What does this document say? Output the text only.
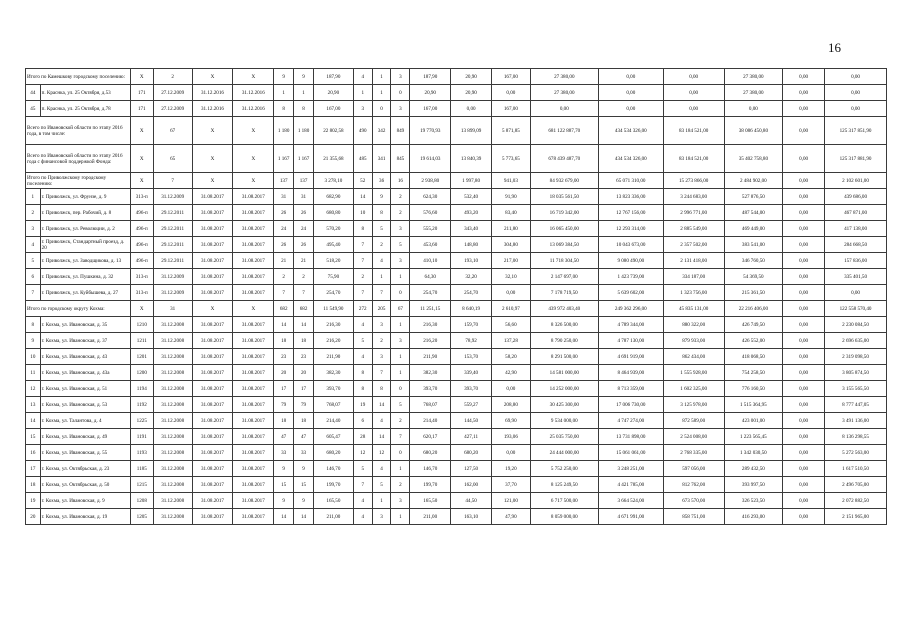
16
Итого по Камешкову городскому поселению:		X	2	X	X	9	9	187,90	4	1	3	187,90	20,90	167,00	27 380,00	0,00	0,00	27 380,00	0,00	0,00
44	п. Краснка, ул. 25 Октября, д.53	171	27.12.2009	31.12.2016	31.12.2016	1	1	20,90	1	1	0	20,90	20,90	0,00	27 380,00	0,00	0,00	27 380,00	0,00	0,00
45	п. Краснка, ул. 25 Октября, д.78	171	27.12.2009	31.12.2016	31.12.2016	8	8	167,00	3	0	3	167,00	0,00	167,00	0,00	0,00	0,00	0,00	0,00	0,00
Всего по Ивановской области по этапу 2016 года, в том числе:		X	67	X	X	1 180	1 180	22 802,58	490	342	849	19 770,93	13 899,09	5 871,85	681 122 887,70	434 534 326,00	83 184 521,00	38 086 450,80	0,00	125 317 851,90
Всего по Ивановской области по этапу 2016 года с финансовой поддержкой Фонда:		X	65	X	X	1 167	1 167	21 355,68	485	341	845	19 614,03	13 840,39	5 773,65	678 439 487,70	434 534 326,00	83 184 521,00	35 402 758,80	0,00	125 317 881,90
Итого по Приволжскому городскому поселению:		X	7	X	X	137	137	3 278,10	52	36	16	2 938,80	1 997,80	941,03	84 932 679,00	65 071 310,00	15 273 866,00	2 484 902,00	0,00	2 102 601,00
1	г. Приволжск, ул. Фрунзе, д. 9	313-п	31.12.2009	31.08.2017	31.08.2017	31	31	682,90	14	9	2	624,30	532,40	91,90	18 035 561,50	13 823 336,00	3 244 683,00	527 876,50	0,00	439 686,00
2	г. Приволжск, пер. Рабочий, д. 8	496-п	29.12.2011	31.08.2017	31.08.2017	26	26	680,80	10	8	2	576,60	493,20	83,40	16 719 342,00	12 767 156,00	2 996 771,00	487 544,00	0,00	467 871,00
3	г. Приволжск, ул. Революции, д. 2	496-п	29.12.2011	31.08.2017	31.08.2017	24	24	570,20	8	5	3	555,20	343,40	211,80	16 065 450,00	12 293 314,00	2 885 549,00	469 449,00	0,00	417 138,00
4	г. Приволжск, Стандартный проезд, д. 20	496-п	29.12.2011	31.08.2017	31.08.2017	26	26	495,40	7	2	5	453,60	148,80	304,80	13 069 384,50	10 043 673,00	2 357 502,00	383 541,00	0,00	284 668,50
5	г. Приволжск, ул. Заводщикова, д. 13	496-п	29.12.2011	31.08.2017	31.08.2017	21	21	518,20	7	4	3	410,10	193,10	217,00	11 718 304,50	9 080 490,00	2 131 418,00	346 760,50	0,00	157 836,00
6	г. Приволжск, ул. Пушкина, д. 32	313-п	31.12.2009	31.08.2017	31.08.2017	2	2	75,90	2	1	1	64,30	32,20	32,10	2 147 697,00	1 423 739,00	334 187,00	54 369,50	0,00	335 401,50
7	г. Приволжск, ул. Куйбышева, д. 27	313-п	31.12.2009	31.08.2017	31.08.2017	7	7	254,70	7	7	0	254,70	254,70	0,00	7 178 719,50	5 639 602,00	1 323 756,00	215 361,50	0,00	0,00
Итого по городскому округу Кохма:		X	31	X	X	682	682	11 549,90	272	205	67	11 251,15	8 640,19	2 610,97	439 972 403,40	249 362 296,00	45 835 131,00	22 216 406,00	0,00	122 558 570,40
8	г. Кохма, ул. Ивановская, д. 35	1210	31.12.2008	31.08.2017	31.08.2017	14	14	216,30	4	3	1	216,30	159,70	56,60	8 326 500,00	4 789 344,00	880 322,00	426 749,50	0,00	2 230 084,50
9	г. Кохма, ул. Ивановская, д. 37	1211	31.12.2008	31.08.2017	31.08.2017	18	18	216,20	5	2	3	216,20	78,92	137,28	8 790 250,00	4 787 130,00	879 933,00	426 552,00	0,00	2 696 635,00
10	г. Кохма, ул. Ивановская, д. 43	1201	31.12.2008	31.08.2017	31.08.2017	23	23	211,90	4	3	1	211,90	153,70	58,20	8 291 500,00	4 691 919,00	862 434,00	418 068,50	0,00	2 319 098,50
11	г. Кохма, ул. Ивановская, д. 43а	1200	31.12.2008	31.08.2017	31.08.2017	20	20	382,30	8	7	1	382,30	339,40	42,90	14 581 000,00	8 464 939,00	1 555 928,00	754 258,50	0,00	3 805 874,50
12	г. Кохма, ул. Ивановская, д. 51	1194	31.12.2008	31.08.2017	31.08.2017	17	17	393,70	8	8	0	393,70	393,70	0,00	14 252 000,00	8 713 359,00	1 602 325,00	776 160,50	0,00	3 155 565,50
13	г. Кохма, ул. Ивановская, д. 53	1192	31.12.2008	31.08.2017	31.08.2017	79	79	768,07	19	14	5	768,07	559,27	208,80	30 425 300,00	17 006 730,00	3 125 978,00	1 515 364,95	0,00	8 777 447,05
14	г. Кохма, ул. Талантова, д. 4	1225	31.12.2008	31.08.2017	31.08.2017	18	18	214,40	6	4	2	214,40	144,50	69,90	9 534 000,00	4 747 274,00	872 589,00	423 001,00	0,00	3 491 136,00
15	г. Кохма, ул. Ивановская, д. 49	1191	31.12.2008	31.08.2017	31.08.2017	47	47	605,47	28	14	7	620,17	427,11	193,06	25 035 750,00	13 731 898,00	2 524 008,00	1 223 565,45	0,00	8 136 298,55
16	г. Кохма, ул. Ивановская, д. 55	1193	31.12.2008	31.08.2017	31.08.2017	33	33	680,20	12	12	0	680,20	680,20	0,00	24 444 000,00	15 061 061,00	2 768 335,00	1 342 030,50	0,00	5 272 563,00
17	г. Кохма, ул. Октябрьская, д. 23	1185	31.12.2008	31.08.2017	31.08.2017	9	9	146,70	5	4	1	146,70	127,50	19,20	5 752 250,00	3 248 251,00	597 056,00	289 432,50	0,00	1 617 510,50
18	г. Кохма, ул. Октябрьская, д. 50	1215	31.12.2008	31.08.2017	31.08.2017	15	15	199,70	7	5	2	199,70	162,00	37,70	8 125 249,50	4 421 785,00	812 762,00	393 997,50	0,00	2 496 705,00
19	г. Кохма, ул. Ивановская, д. 9	1208	31.12.2008	31.08.2017	31.08.2017	9	9	165,50	4	1	3	165,50	44,50	121,00	6 717 500,00	3 664 524,00	673 570,00	326 523,50	0,00	2 072 882,50
20	г. Кохма, ул. Ивановская, д. 19	1205	31.12.2008	31.08.2017	31.08.2017	14	14	211,00	4	3	1	211,00	163,10	47,90	8 059 000,00	4 671 991,00	858 751,00	416 293,00	0,00	2 151 965,00
